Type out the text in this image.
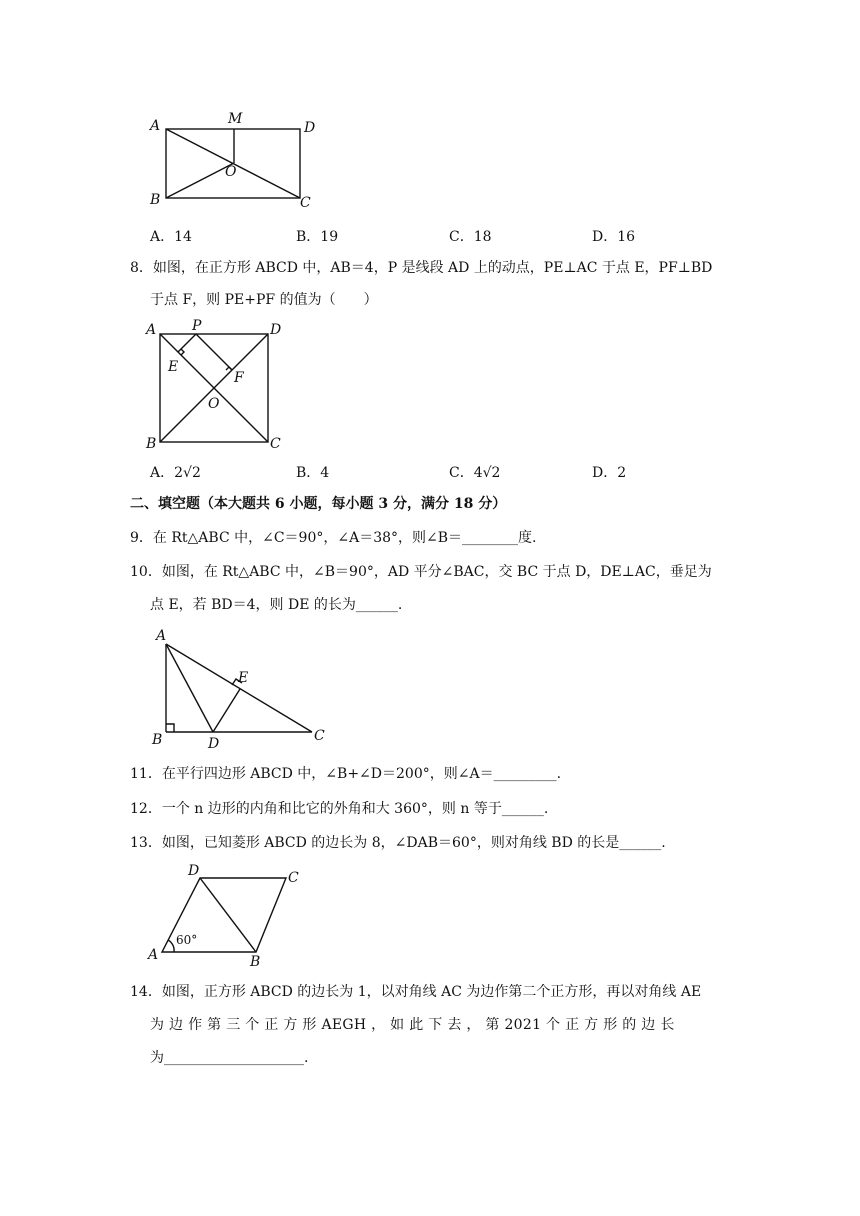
A	M
D
B
O
C
A．14	B．19	C．18	D．16
8．如图，在正方形 ABCD 中，AB＝4，P 是线段 AD 上的动点，PE⊥AC 于点 E，PF⊥BD
于点 F，则 PE+PF 的值为（　　）
A	P	D
E
F
O
B	C
A．2√2	B．4	C．4√2	D．2
二、填空题（本大题共 6 小题，每小题 3 分，满分 18 分）
9．在 Rt△ABC 中，∠C＝90°，∠A＝38°，则∠B＝________度.
10．如图，在 Rt△ABC 中，∠B＝90°，AD 平分∠BAC，交 BC 于点 D，DE⊥AC，垂足为
点 E，若 BD＝4，则 DE 的长为______.
A
E
B	D	C
11．在平行四边形 ABCD 中，∠B+∠D＝200°，则∠A＝_________.
12．一个 n 边形的内角和比它的外角和大 360°，则 n 等于______.
13．如图，已知菱形 ABCD 的边长为 8，∠DAB＝60°，则对角线 BD 的长是______.
D	C
A	B
60°
14．如图，正方形 ABCD 的边长为 1，以对角线 AC 为边作第二个正方形，再以对角线 AE
为 边 作 第 三 个 正 方 形 AEGH ， 如 此 下 去 ， 第 2021 个 正 方 形 的 边 长
为____________________.
